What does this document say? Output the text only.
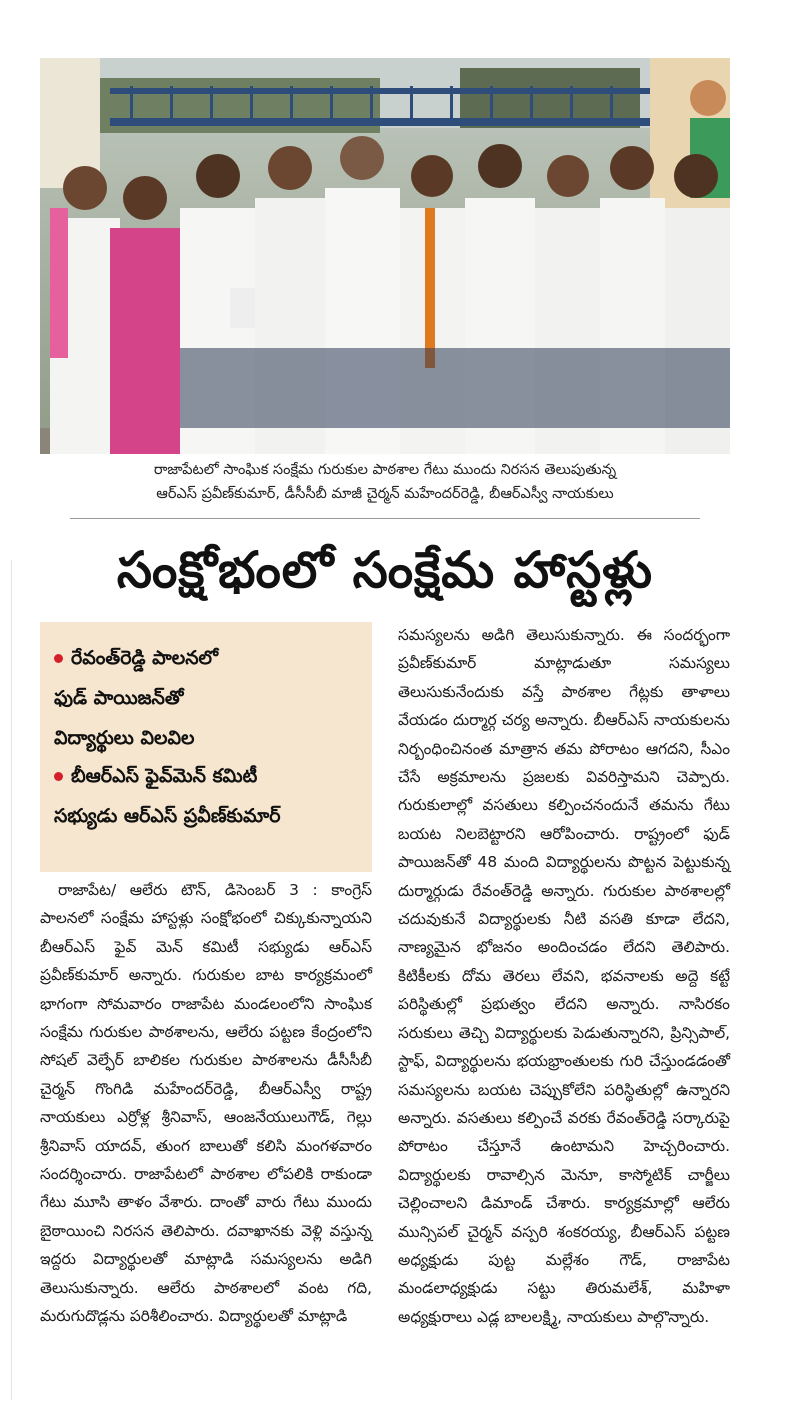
రాజాపేటలో సాంఘిక సంక్షేమ గురుకుల పాఠశాల గేటు ముందు నిరసన తెలుపుతున్న
ఆర్ఎస్ ప్రవీణ్‌కుమార్, డీసీసీబీ మాజీ చైర్మన్ మహేందర్‌రెడ్డి, బీఆర్ఎస్వీ నాయకులు
సంక్షోభంలో సంక్షేమ హాస్టళ్లు
రేవంత్‌రెడ్డి పాలనలో
ఫుడ్ పాయిజన్‌తో
విద్యార్థులు విలవిల
బీఆర్ఎస్ ఫైవ్‌మెన్ కమిటీ
సభ్యుడు ఆర్ఎస్ ప్రవీణ్‌కుమార్
రాజాపేట/ ఆలేరు టౌన్, డిసెంబర్ 3 : కాంగ్రెస్ పాలనలో సంక్షేమ హాస్టళ్లు సంక్షోభంలో చిక్కుకున్నాయని బీఆర్ఎస్ ఫైవ్ మెన్ కమిటీ సభ్యుడు ఆర్ఎస్ ప్రవీణ్‌కుమార్ అన్నారు. గురుకుల బాట కార్యక్రమంలో భాగంగా సోమవారం రాజాపేట మండలంలోని సాంఘిక సంక్షేమ గురుకుల పాఠశాలను, ఆలేరు పట్టణ కేంద్రంలోని సోషల్ వెల్ఫేర్ బాలికల గురుకుల పాఠశాలను డీసీసీబీ చైర్మన్ గొంగిడి మహేందర్‌రెడ్డి, బీఆర్ఎస్వీ రాష్ట్ర నాయకులు ఎర్రోళ్ల శ్రీనివాస్, ఆంజనేయులుగౌడ్, గెల్లు శ్రీనివాస్ యాదవ్, తుంగ బాలుతో కలిసి మంగళవారం సందర్శించారు. రాజాపేటలో పాఠశాల లోపలికి రాకుండా గేటు మూసి తాళం వేశారు. దాంతో వారు గేటు ముందు బైఠాయించి నిరసన తెలిపారు. దవాఖానకు వెళ్లి వస్తున్న ఇద్దరు విద్యార్థులతో మాట్లాడి సమస్యలను అడిగి తెలుసుకున్నారు. ఆలేరు పాఠశాలలో వంట గది, మరుగుదొడ్లను పరిశీలించారు. విద్యార్థులతో మాట్లాడి
సమస్యలను అడిగి తెలుసుకున్నారు. ఈ సందర్భంగా ప్రవీణ్‌కుమార్ మాట్లాడుతూ సమస్యలు తెలుసుకునేందుకు వస్తే పాఠశాల గేట్లకు తాళాలు వేయడం దుర్మార్గ చర్య అన్నారు. బీఆర్ఎస్ నాయకులను నిర్బంధించినంత మాత్రాన తమ పోరాటం ఆగదని, సీఎం చేసే అక్రమాలను ప్రజలకు వివరిస్తామని చెప్పారు. గురుకులాల్లో వసతులు కల్పించనందునే తమను గేటు బయట నిలబెట్టారని ఆరోపించారు. రాష్ట్రంలో ఫుడ్ పాయిజన్‌తో 48 మంది విద్యార్థులను పొట్టన పెట్టుకున్న దుర్మార్గుడు రేవంత్‌రెడ్డి అన్నారు. గురుకుల పాఠశాలల్లో చదువుకునే విద్యార్థులకు నీటి వసతి కూడా లేదని, నాణ్యమైన భోజనం అందించడం లేదని తెలిపారు. కిటికీలకు దోమ తెరలు లేవని, భవనాలకు అద్దె కట్టే పరిస్థితుల్లో ప్రభుత్వం లేదని అన్నారు. నాసిరకం సరుకులు తెచ్చి విద్యార్థులకు పెడుతున్నారని, ప్రిన్సిపాల్, స్టాఫ్, విద్యార్థులను భయభ్రాంతులకు గురి చేస్తుండడంతో సమస్యలను బయట చెప్పుకోలేని పరిస్థితుల్లో ఉన్నారని అన్నారు. వసతులు కల్పించే వరకు రేవంత్‌రెడ్డి సర్కారుపై పోరాటం చేస్తూనే ఉంటామని హెచ్చరించారు. విద్యార్థులకు రావాల్సిన మెనూ, కాస్మోటిక్ చార్జీలు చెల్లించాలని డిమాండ్ చేశారు. కార్యక్రమాల్లో ఆలేరు మున్సిపల్ చైర్మన్ వస్పరి శంకరయ్య, బీఆర్ఎస్ పట్టణ అధ్యక్షుడు పుట్ట మల్లేశం గౌడ్, రాజాపేట మండలాధ్యక్షుడు సట్టు తిరుమలేశ్, మహిళా అధ్యక్షురాలు ఎడ్ల బాలలక్ష్మి, నాయకులు పాల్గొన్నారు.
